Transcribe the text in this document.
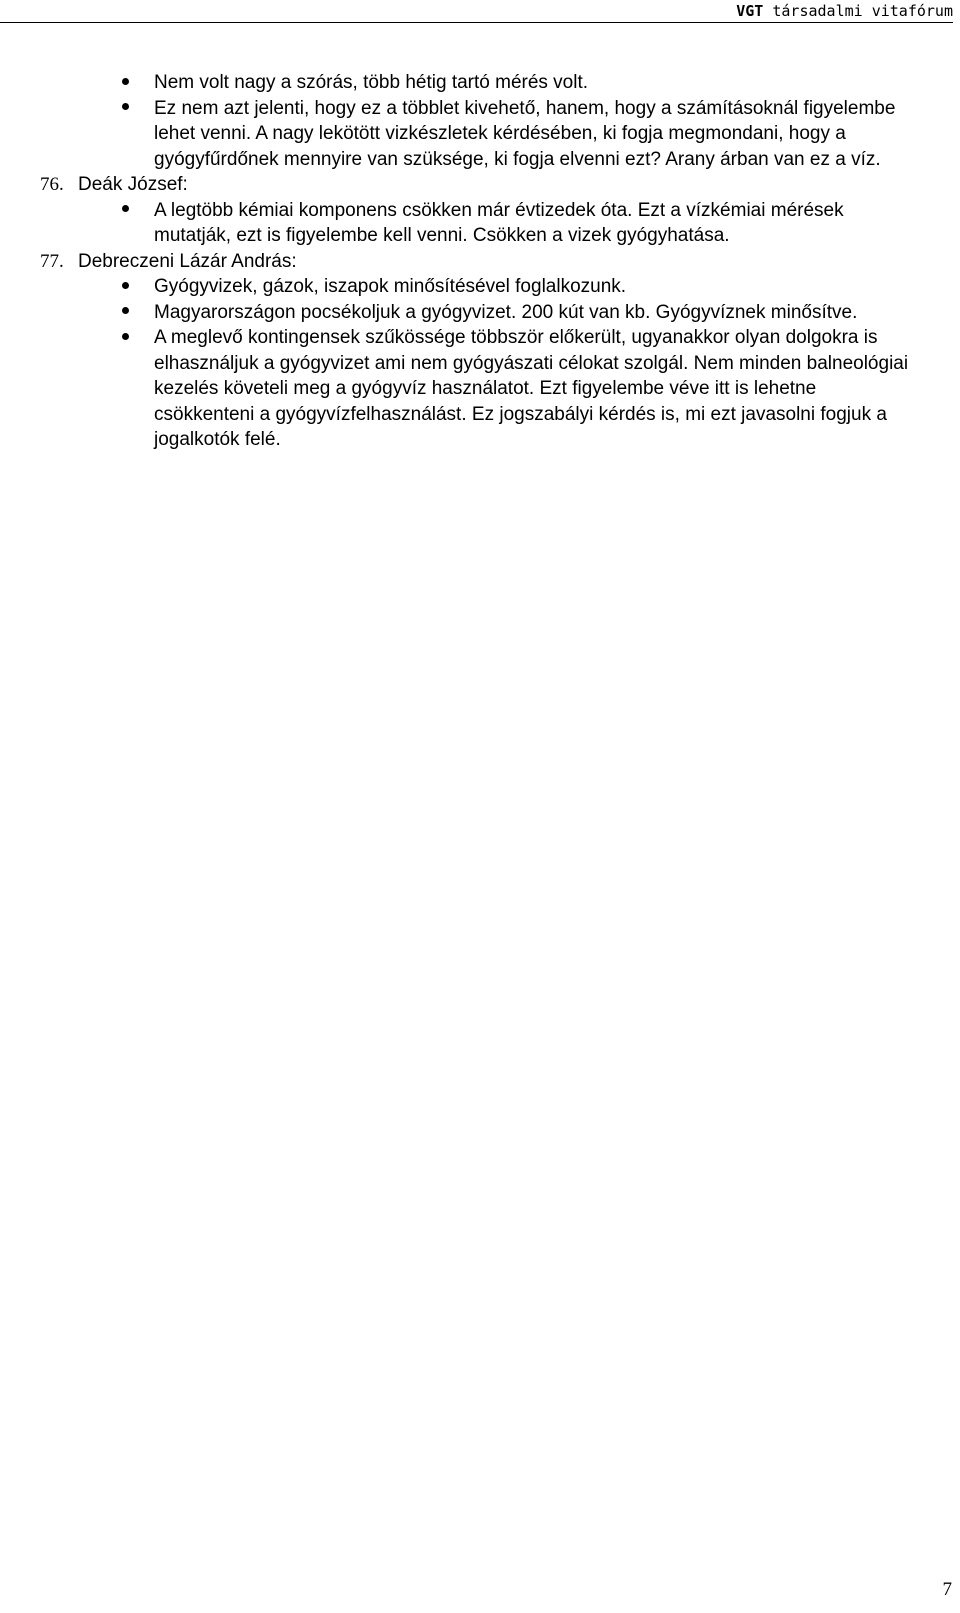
VGT társadalmi vitafórum
Nem volt nagy a szórás, több hétig tartó mérés volt.
Ez nem azt jelenti, hogy ez a többlet kivehető, hanem, hogy a számításoknál figyelembe lehet venni. A nagy lekötött vizkészletek kérdésében, ki fogja megmondani, hogy a gyógyfűrdőnek mennyire van szüksége, ki fogja elvenni ezt? Arany árban van ez a víz.
76. Deák József:
A legtöbb kémiai komponens csökken már évtizedek óta. Ezt a vízkémiai mérések mutatják, ezt is figyelembe kell venni. Csökken a vizek gyógyhatása.
77. Debreczeni Lázár András:
Gyógyvizek, gázok, iszapok minősítésével foglalkozunk.
Magyarországon pocsékoljuk a gyógyvizet. 200 kút van kb. Gyógyvíznek minősítve.
A meglevő kontingensek szűkössége többször előkerült, ugyanakkor olyan dolgokra is elhasználjuk a gyógyvizet ami nem gyógyászati célokat szolgál. Nem minden balneológiai kezelés követeli meg a gyógyvíz használatot. Ezt figyelembe véve itt is lehetne csökkenteni a gyógyvízfelhasználást. Ez jogszabályi kérdés is, mi ezt javasolni fogjuk a jogalkotók felé.
7
